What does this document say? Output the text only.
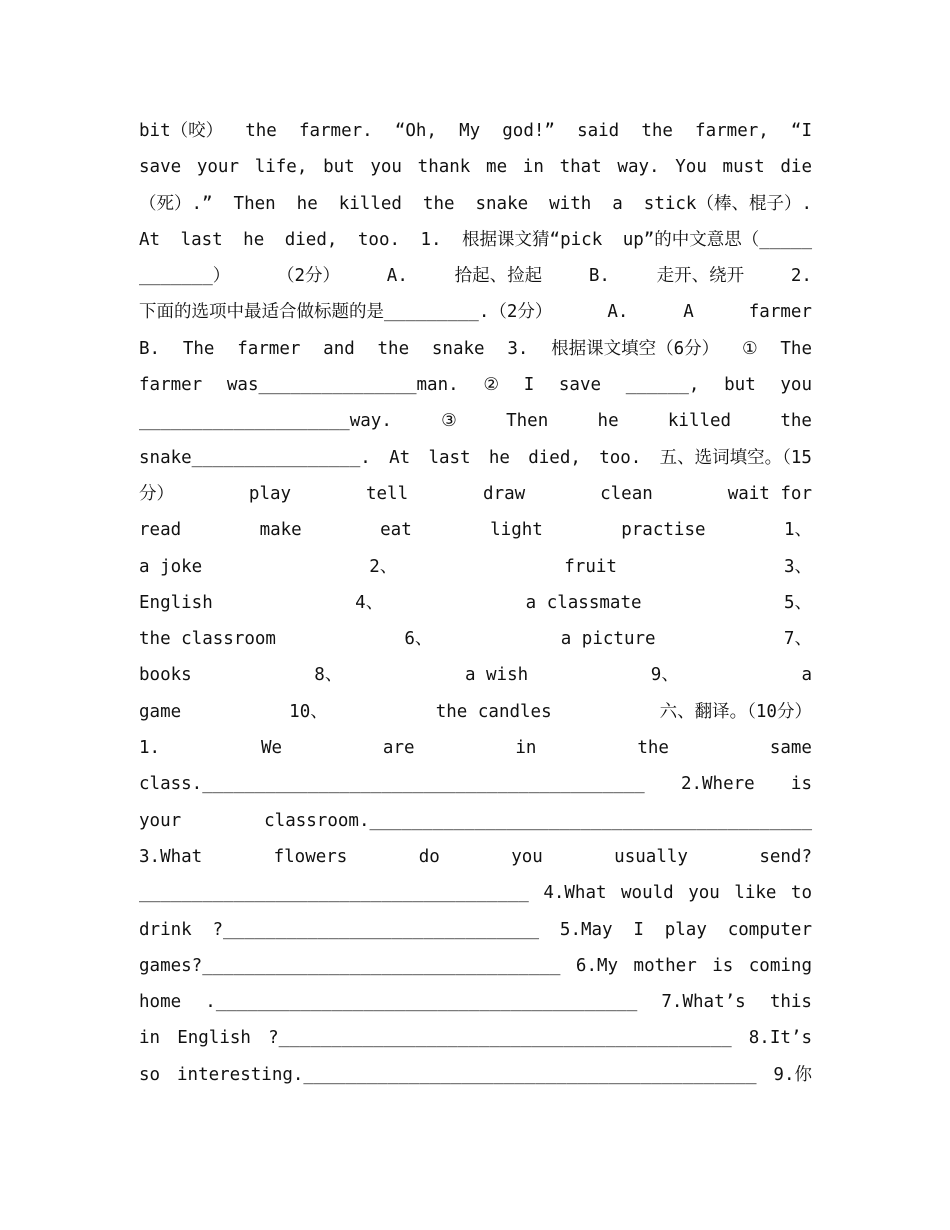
bit（咬） the farmer. “Oh, My god!” said the farmer, “I
save your life, but you thank me in that way. You must die
（死）.” Then he killed the snake with a stick（棒、棍子）.
At last he died, too. 1. 根据课文猜“pick up”的中文意思（_____
_______）	（2分）	A.	拾起、捡起	B.	走开、绕开	2.
下面的选项中最适合做标题的是_________.（2分）	A.	A	farmer
B. The farmer and the snake 3. 根据课文填空（6分） ① The
farmer was_______________man. ② I save ______, but you
____________________way.	③	Then	he	killed	the
snake________________. At last he died, too. 五、选词填空。（15
分）	play	tell	draw	clean	wait for
read	make	eat	light	practise	1、
a joke	2、	fruit	3、
English	4、	a classmate	5、
the classroom	6、	a picture	7、
books	8、	a wish	9、	a
game	10、	the candles	六、翻译。（10分）
1.	We	are	in	the	same
class.__________________________________________ 2.Where is
your	classroom.__________________________________________
3.What	flowers	do	you	usually	send?
_____________________________________ 4.What would you like to
drink ?______________________________ 5.May I play computer
games?__________________________________ 6.My mother is coming
home .________________________________________ 7.What’s this
in English ?___________________________________________ 8.It’s
so interesting.___________________________________________ 9.你
